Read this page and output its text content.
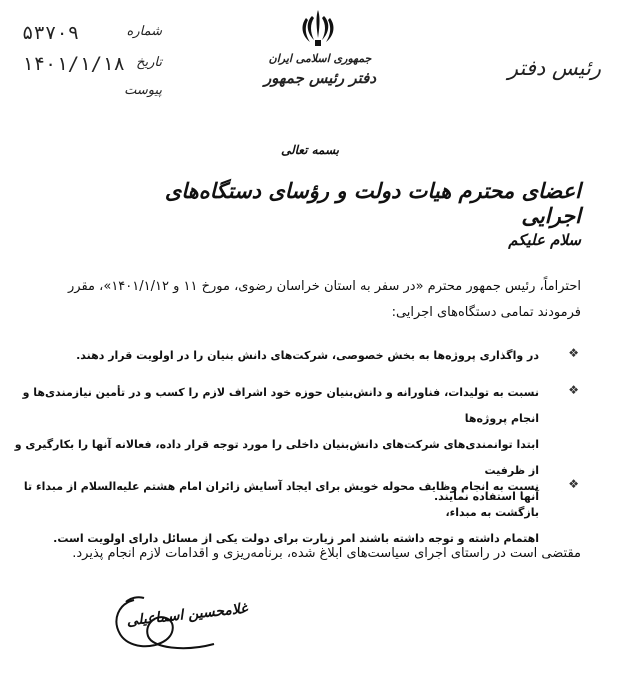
شماره
۵۳۷۰۹
تاریخ
۱۴۰۱/۱/۱۸
پیوست
جمهوری اسلامی ایران
دفتر رئیس جمهور	رئیس دفتر
بسمه تعالی
اعضای محترم هیات دولت و رؤسای دستگاه‌های اجرایی
سلام علیکم
احتراماً، رئیس جمهور محترم «در سفر به استان خراسان رضوی، مورخ ۱۱ و ۱۴۰۱/۱/۱۲»، مقرر
فرمودند تمامی دستگاه‌های اجرایی:
❖
در واگذاری پروژه‌ها به بخش خصوصی، شرکت‌های دانش بنیان را در اولویت قرار دهند.
❖
نسبت به تولیدات، فناورانه و دانش‌بنیان حوزه خود اشراف لازم را کسب و در تأمین نیازمندی‌ها و انجام پروژه‌ها
ابتدا توانمندی‌های شرکت‌های دانش‌بنیان داخلی را مورد توجه قرار داده، فعالانه آنها را بکارگیری و از ظرفیت
آنها استفاده نمایند.
❖
نسبت به انجام وظایف محوله خویش برای ایجاد آسایش زائران امام هشتم علیه‌السلام از مبداء تا بازگشت به مبداء،
اهتمام داشته و توجه داشته باشند امر زیارت برای دولت یکی از مسائل دارای اولویت است.
مقتضی است در راستای اجرای سیاست‌های ابلاغ شده، برنامه‌ریزی و اقدامات لازم انجام پذیرد.
غلامحسین اسماعیلی
